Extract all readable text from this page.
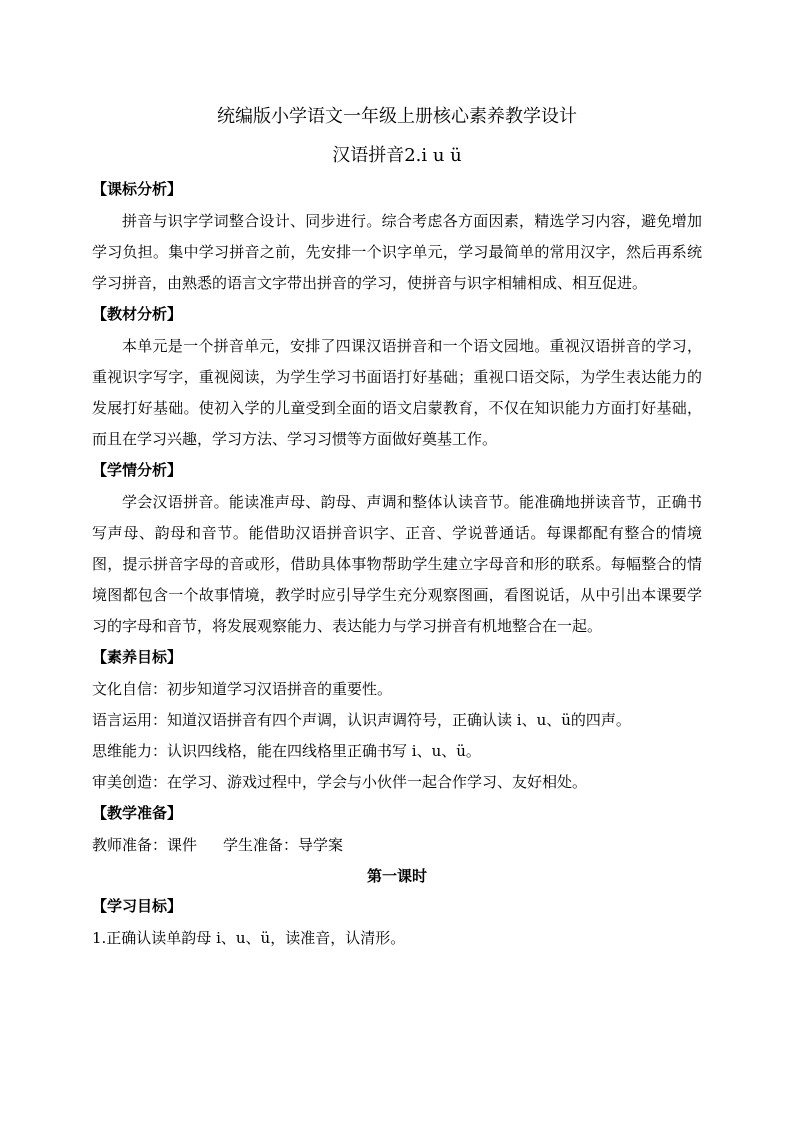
统编版小学语文一年级上册核心素养教学设计
汉语拼音2.i u ü
【课标分析】
拼音与识字学词整合设计、同步进行。综合考虑各方面因素，精选学习内容，避免增加学习负担。集中学习拼音之前，先安排一个识字单元，学习最简单的常用汉字，然后再系统学习拼音，由熟悉的语言文字带出拼音的学习，使拼音与识字相辅相成、相互促进。
【教材分析】
本单元是一个拼音单元，安排了四课汉语拼音和一个语文园地。重视汉语拼音的学习，重视识字写字，重视阅读，为学生学习书面语打好基础；重视口语交际，为学生表达能力的发展打好基础。使初入学的儿童受到全面的语文启蒙教育，不仅在知识能力方面打好基础，而且在学习兴趣，学习方法、学习习惯等方面做好奠基工作。
【学情分析】
学会汉语拼音。能读准声母、韵母、声调和整体认读音节。能准确地拼读音节，正确书写声母、韵母和音节。能借助汉语拼音识字、正音、学说普通话。每课都配有整合的情境图，提示拼音字母的音或形，借助具体事物帮助学生建立字母音和形的联系。每幅整合的情境图都包含一个故事情境，教学时应引导学生充分观察图画，看图说话，从中引出本课要学习的字母和音节，将发展观察能力、表达能力与学习拼音有机地整合在一起。
【素养目标】
文化自信：初步知道学习汉语拼音的重要性。
语言运用：知道汉语拼音有四个声调，认识声调符号，正确认读 i、u、ü的四声。
思维能力：认识四线格，能在四线格里正确书写 i、u、ü。
审美创造：在学习、游戏过程中，学会与小伙伴一起合作学习、友好相处。
【教学准备】
教师准备：课件 学生准备：导学案
第一课时
【学习目标】
1.正确认读单韵母 i、u、ü，读准音，认清形。
